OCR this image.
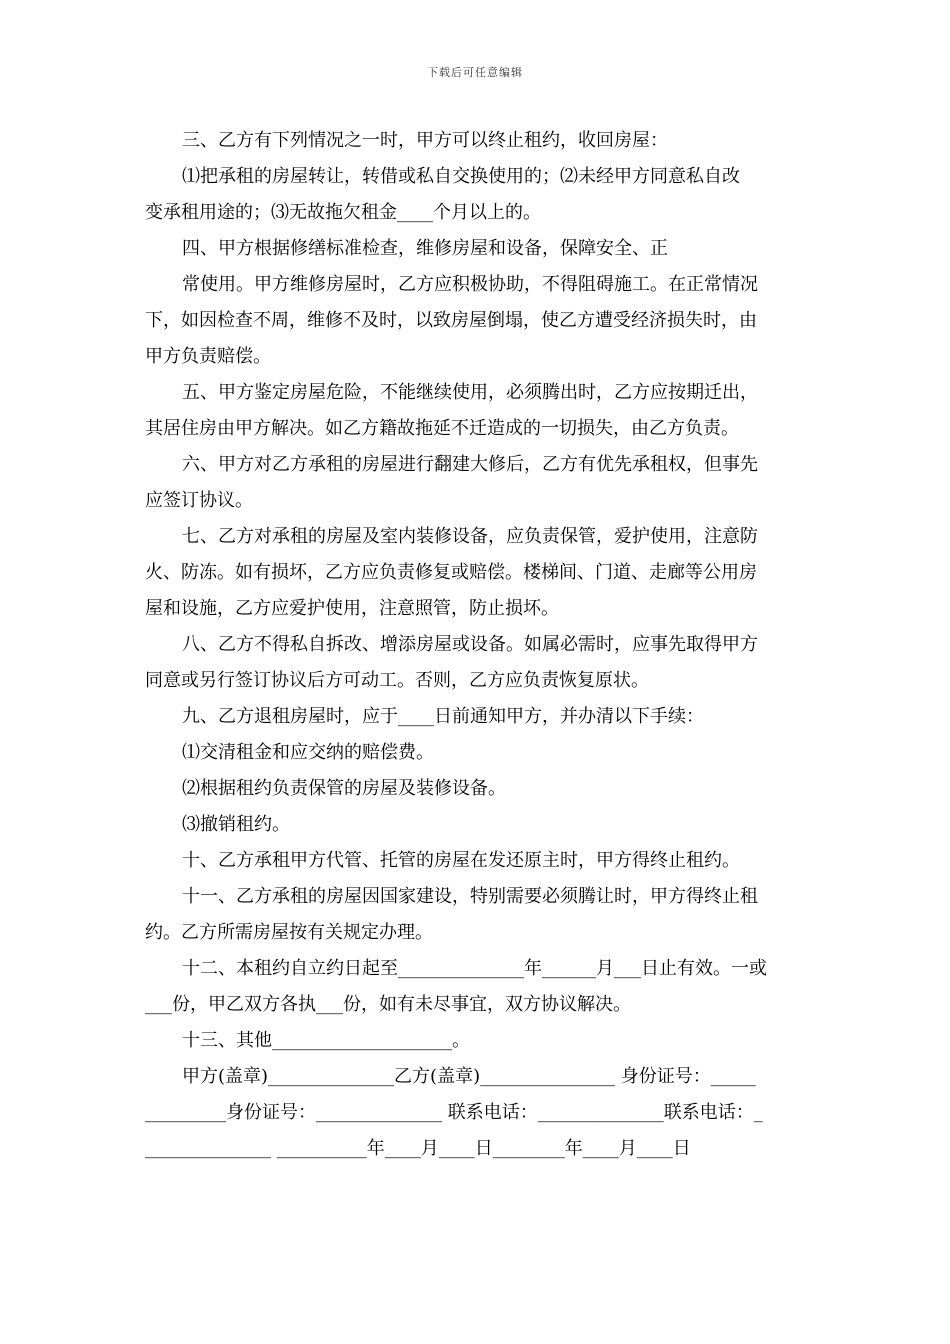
下载后可任意编辑
三、乙方有下列情况之一时，甲方可以终止租约，收回房屋：
⑴把承租的房屋转让，转借或私自交换使用的；⑵未经甲方同意私自改
变承租用途的；⑶无故拖欠租金____个月以上的。
四、甲方根据修缮标准检查，维修房屋和设备，保障安全、正
常使用。甲方维修房屋时，乙方应积极协助，不得阻碍施工。在正常情况
下，如因检查不周，维修不及时，以致房屋倒塌，使乙方遭受经济损失时，由
甲方负责赔偿。
五、甲方鉴定房屋危险，不能继续使用，必须腾出时，乙方应按期迁出，
其居住房由甲方解决。如乙方籍故拖延不迁造成的一切损失，由乙方负责。
六、甲方对乙方承租的房屋进行翻建大修后，乙方有优先承租权，但事先
应签订协议。
七、乙方对承租的房屋及室内装修设备，应负责保管，爱护使用，注意防
火、防冻。如有损坏，乙方应负责修复或赔偿。楼梯间、门道、走廊等公用房
屋和设施，乙方应爱护使用，注意照管，防止损坏。
八、乙方不得私自拆改、增添房屋或设备。如属必需时，应事先取得甲方
同意或另行签订协议后方可动工。否则，乙方应负责恢复原状。
九、乙方退租房屋时，应于____日前通知甲方，并办清以下手续：
⑴交清租金和应交纳的赔偿费。
⑵根据租约负责保管的房屋及装修设备。
⑶撤销租约。
十、乙方承租甲方代管、托管的房屋在发还原主时，甲方得终止租约。
十一、乙方承租的房屋因国家建设，特别需要必须腾让时，甲方得终止租
约。乙方所需房屋按有关规定办理。
十二、本租约自立约日起至______________年______月___日止有效。一或
___份，甲乙双方各执___份，如有未尽事宜，双方协议解决。
十三、其他____________________。
甲方(盖章)______________乙方(盖章)_______________ 身份证号：_____
_________身份证号：______________ 联系电话：______________联系电话：_
______________ __________年____月____日________年____月____日
